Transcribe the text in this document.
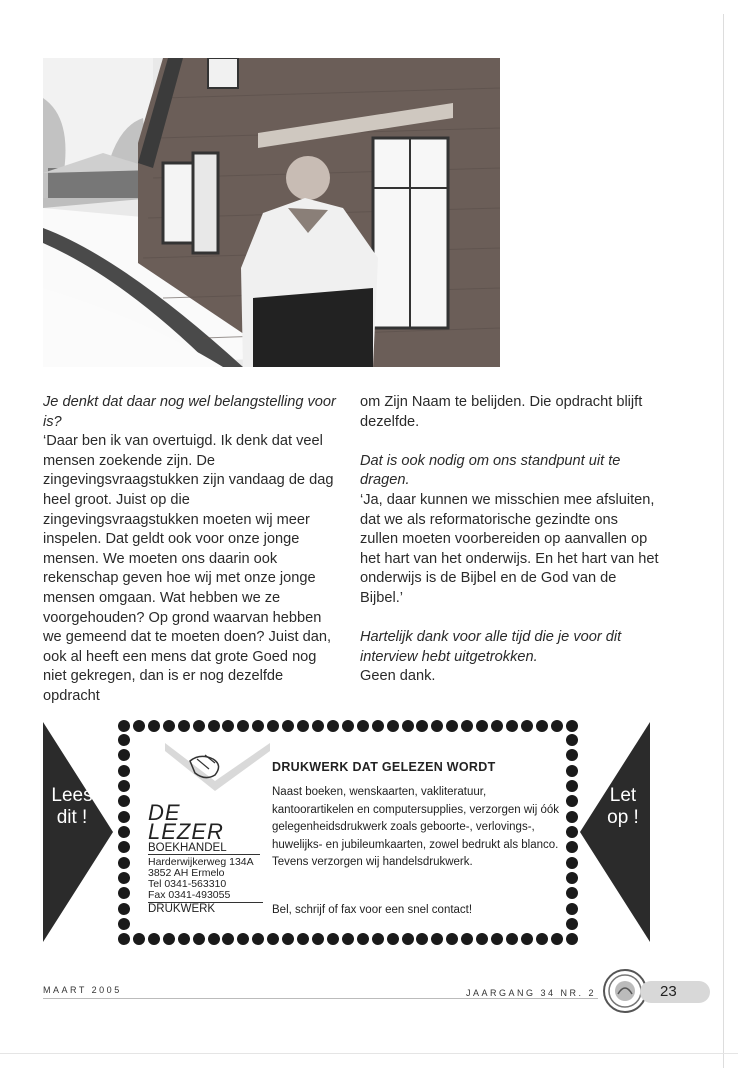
Je denkt dat daar nog wel belangstelling voor is?

‘Daar ben ik van overtuigd. Ik denk dat veel mensen zoekende zijn. De zingevingsvraagstukken zijn vandaag de dag heel groot. Juist op die zingevingsvraagstukken moeten wij meer inspelen. Dat geldt ook voor onze jonge mensen. We moeten ons daarin ook rekenschap geven hoe wij met onze jonge mensen omgaan. Wat hebben we ze voorgehouden? Op grond waarvan hebben we gemeend dat te moeten doen? Juist dan, ook al heeft een mens dat grote Goed nog niet gekregen, dan is er nog dezelfde opdracht

om Zijn Naam te belijden. Die opdracht blijft dezelfde.

Dat is ook nodig om ons standpunt uit te dragen.

‘Ja, daar kunnen we misschien mee afsluiten, dat we als reformatorische gezindte ons zullen moeten voorbereiden op aanvallen op het hart van het onderwijs. En het hart van het onderwijs is de Bijbel en de God van de Bijbel.’

Hartelijk dank voor alle tijd die je voor dit interview hebt uitgetrokken.

Geen dank.

Lees dit !
Let op !
DE
LEZER
BOEKHANDEL
Harderwijkerweg 134A
3852 AH Ermelo
Tel 0341-563310
Fax 0341-493055
DRUKWERK
DRUKWERK DAT GELEZEN WORDT
Naast boeken, wenskaarten, vakliteratuur, kantoorartikelen en computersupplies, verzorgen wij óók gelegenheidsdrukwerk zoals geboorte-, verlovings-, huwelijks- en jubileumkaarten, zowel bedrukt als blanco. Tevens verzorgen wij handelsdrukwerk.
Bel, schrijf of fax voor een snel contact!
MAART 2005	JAARGANG 34 NR. 2	23
